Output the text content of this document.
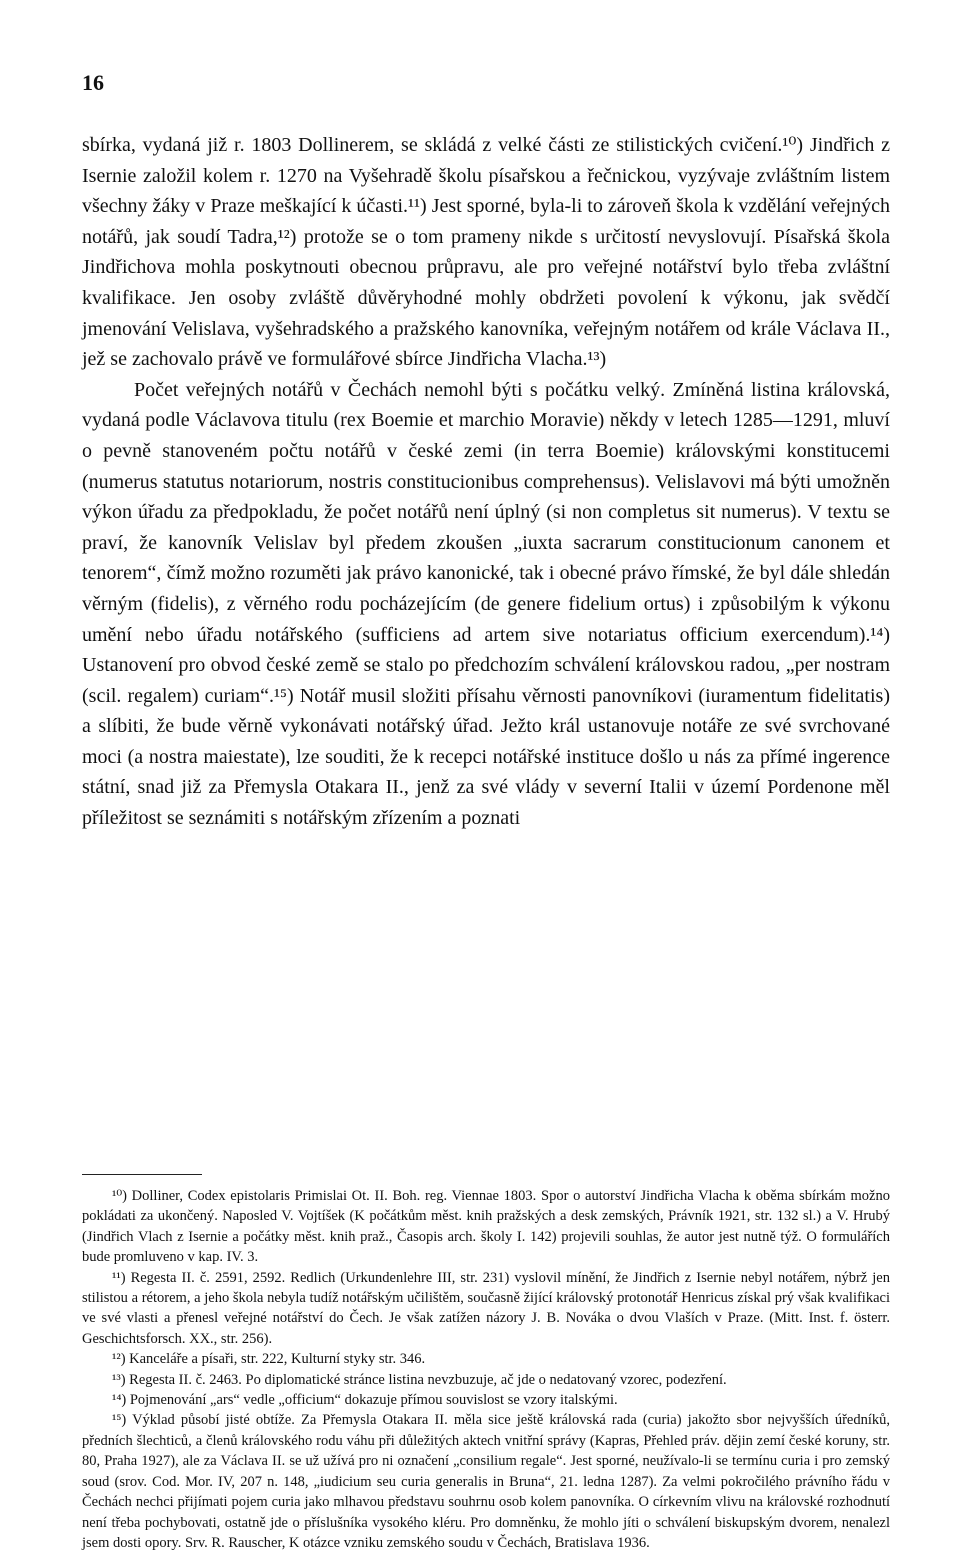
16

sbírka, vydaná již r. 1803 Dollinerem, se skládá z velké části ze stilistických cvičení.¹⁰) Jindřich z Isernie založil kolem r. 1270 na Vyšehradě školu písařskou a řečnickou, vyzývaje zvláštním listem všechny žáky v Praze meškající k účasti.¹¹) Jest sporné, byla-li to zároveň škola k vzdělání veřejných notářů, jak soudí Tadra,¹²) protože se o tom prameny nikde s určitostí nevyslovují. Písařská škola Jindřichova mohla poskytnouti obecnou průpravu, ale pro veřejné notářství bylo třeba zvláštní kvalifikace. Jen osoby zvláště důvěryhodné mohly obdržeti povolení k výkonu, jak svědčí jmenování Velislava, vyšehradského a pražského kanovníka, veřejným notářem od krále Václava II., jež se zachovalo právě ve formulářové sbírce Jindřicha Vlacha.¹³)

Počet veřejných notářů v Čechách nemohl býti s počátku velký. Zmíněná listina královská, vydaná podle Václavova titulu (rex Boemie et marchio Moravie) někdy v letech 1285—1291, mluví o pevně stanoveném počtu notářů v české zemi (in terra Boemie) královskými konstitucemi (numerus statutus notariorum, nostris constitucionibus comprehensus). Velislavovi má býti umožněn výkon úřadu za předpokladu, že počet notářů není úplný (si non completus sit numerus). V textu se praví, že kanovník Velislav byl předem zkoušen „iuxta sacrarum constitucionum canonem et tenorem“, čímž možno rozuměti jak právo kanonické, tak i obecné právo římské, že byl dále shledán věrným (fidelis), z věrného rodu pocházejícím (de genere fidelium ortus) i způsobilým k výkonu umění nebo úřadu notářského (sufficiens ad artem sive notariatus officium exercendum).¹⁴) Ustanovení pro obvod české země se stalo po předchozím schválení královskou radou, „per nostram (scil. regalem) curiam“.¹⁵) Notář musil složiti přísahu věrnosti panovníkovi (iuramentum fidelitatis) a slíbiti, že bude věrně vykonávati notářský úřad. Ježto král ustanovuje notáře ze své svrchované moci (a nostra maiestate), lze souditi, že k recepci notářské instituce došlo u nás za přímé ingerence státní, snad již za Přemysla Otakara II., jenž za své vlády v severní Italii v území Pordenone měl příležitost se seznámiti s notářským zřízením a poznati

¹⁰) Dolliner, Codex epistolaris Primislai Ot. II. Boh. reg. Viennae 1803. Spor o autorství Jindřicha Vlacha k oběma sbírkám možno pokládati za ukončený. Naposled V. Vojtíšek (K počátkům měst. knih pražských a desk zemských, Právník 1921, str. 132 sl.) a V. Hrubý (Jindřich Vlach z Isernie a počátky měst. knih praž., Časopis arch. školy I. 142) projevili souhlas, že autor jest nutně týž. O formulářích bude promluveno v kap. IV. 3.

¹¹) Regesta II. č. 2591, 2592. Redlich (Urkundenlehre III, str. 231) vyslovil mínění, že Jindřich z Isernie nebyl notářem, nýbrž jen stilistou a rétorem, a jeho škola nebyla tudíž notářským učilištěm, současně žijící královský protonotář Henricus získal prý však kvalifikaci ve své vlasti a přenesl veřejné notářství do Čech. Je však zatížen názory J. B. Nováka o dvou Vlaších v Praze. (Mitt. Inst. f. österr. Geschichtsforsch. XX., str. 256).

¹²) Kanceláře a písaři, str. 222, Kulturní styky str. 346.

¹³) Regesta II. č. 2463. Po diplomatické stránce listina nevzbuzuje, ač jde o nedatovaný vzorec, podezření.

¹⁴) Pojmenování „ars“ vedle „officium“ dokazuje přímou souvislost se vzory italskými.

¹⁵) Výklad působí jisté obtíže. Za Přemysla Otakara II. měla sice ještě královská rada (curia) jakožto sbor nejvyšších úředníků, předních šlechticů, a členů královského rodu váhu při důležitých aktech vnitřní správy (Kapras, Přehled práv. dějin zemí české koruny, str. 80, Praha 1927), ale za Václava II. se už užívá pro ni označení „consilium regale“. Jest sporné, neužívalo-li se termínu curia i pro zemský soud (srov. Cod. Mor. IV, 207 n. 148, „iudicium seu curia generalis in Bruna“, 21. ledna 1287). Za velmi pokročilého právního řádu v Čechách nechci přijímati pojem curia jako mlhavou představu souhrnu osob kolem panovníka. O církevním vlivu na královské rozhodnutí není třeba pochybovati, ostatně jde o příslušníka vysokého kléru. Pro domněnku, že mohlo jíti o schválení biskupským dvorem, nenalezl jsem dosti opory. Srv. R. Rauscher, K otázce vzniku zemského soudu v Čechách, Bratislava 1936.
